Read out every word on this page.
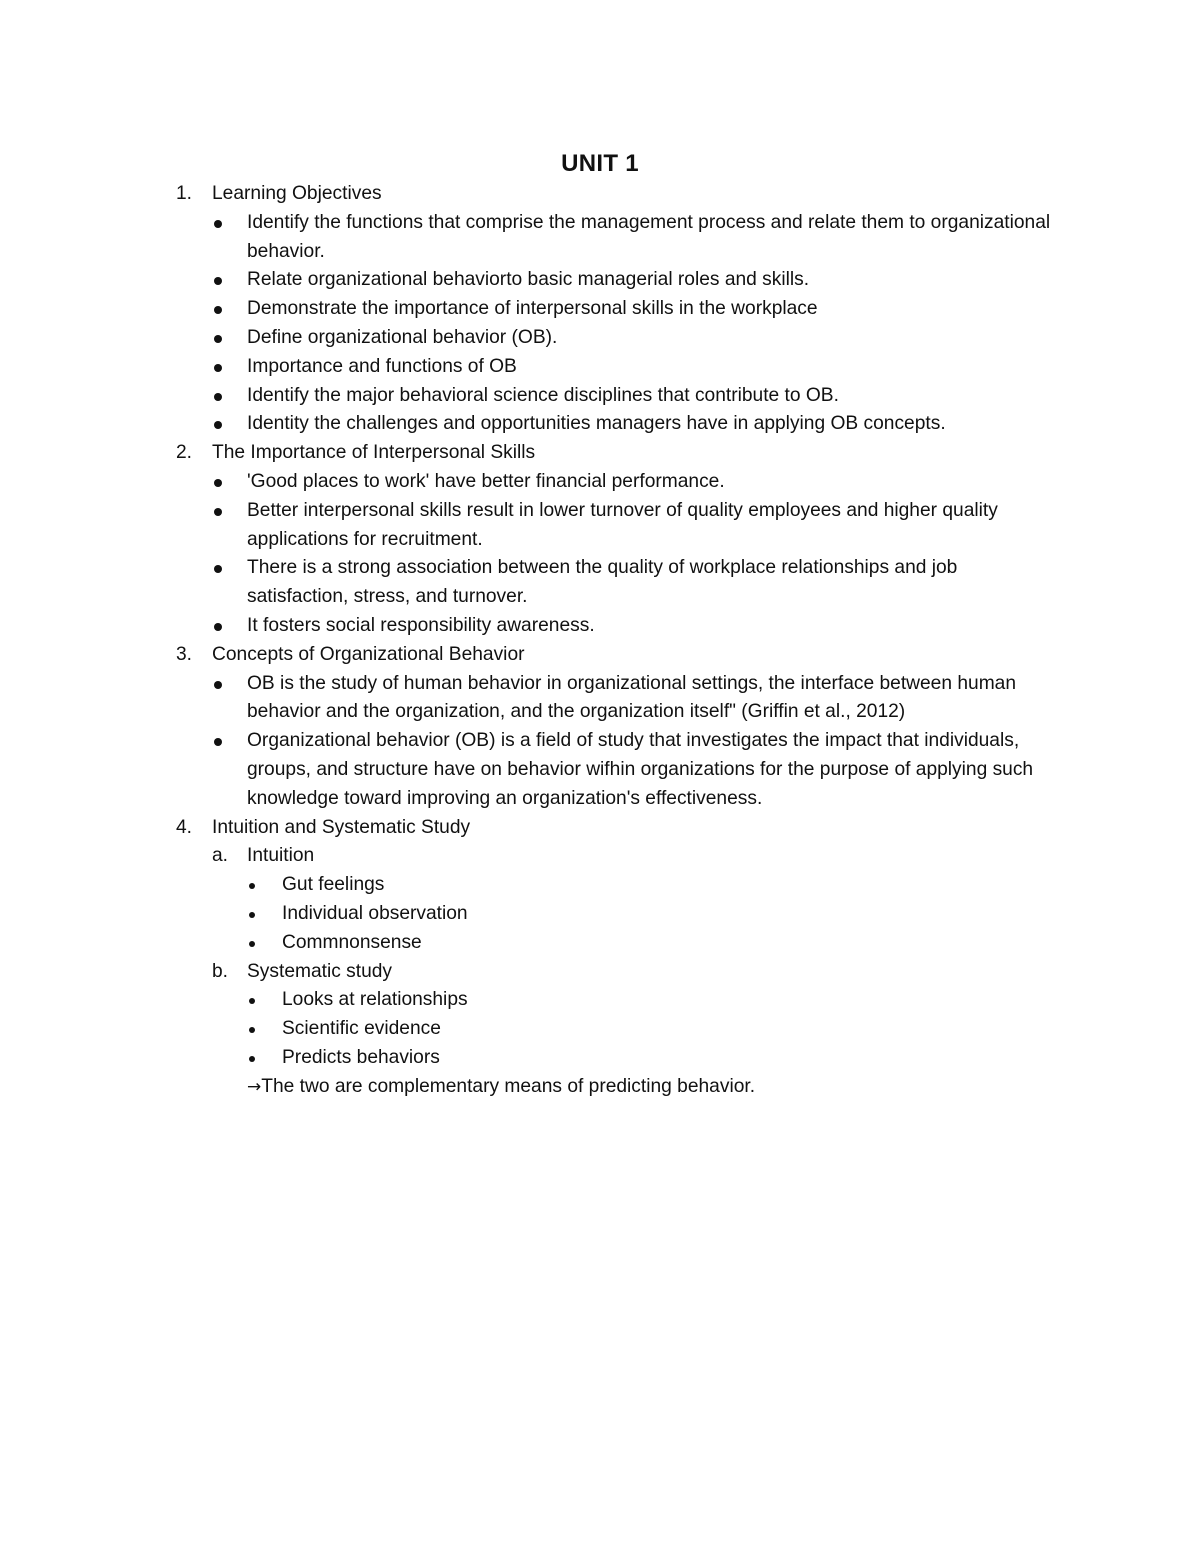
UNIT 1
1.	Learning Objectives
Identify the functions that comprise the management process and relate them to organizational behavior.
Relate organizational behaviorto basic managerial roles and skills.
Demonstrate the importance of interpersonal skills in the workplace
Define organizational behavior (OB).
Importance and functions of OB
Identify the major behavioral science disciplines that contribute to OB.
Identity the challenges and opportunities managers have in applying OB concepts.
2.	The Importance of Interpersonal Skills
'Good places to work' have better financial performance.
Better interpersonal skills result in lower turnover of quality employees and higher quality applications for recruitment.
There is a strong association between the quality of workplace relationships and job satisfaction, stress, and turnover.
It fosters social responsibility awareness.
3.	Concepts of Organizational Behavior
OB is the study of human behavior in organizational settings, the interface between human behavior and the organization, and the organization itself" (Griffin et al., 2012)
Organizational behavior (OB) is a field of study that investigates the impact that individuals, groups, and structure have on behavior wifhin organizations for the purpose of applying such knowledge toward improving an organization's effectiveness.
4.	Intuition and Systematic Study
a. Intuition
Gut feelings
Individual observation
Commnonsense
b. Systematic study
Looks at relationships
Scientific evidence
Predicts behaviors
→The two are complementary means of predicting behavior.
